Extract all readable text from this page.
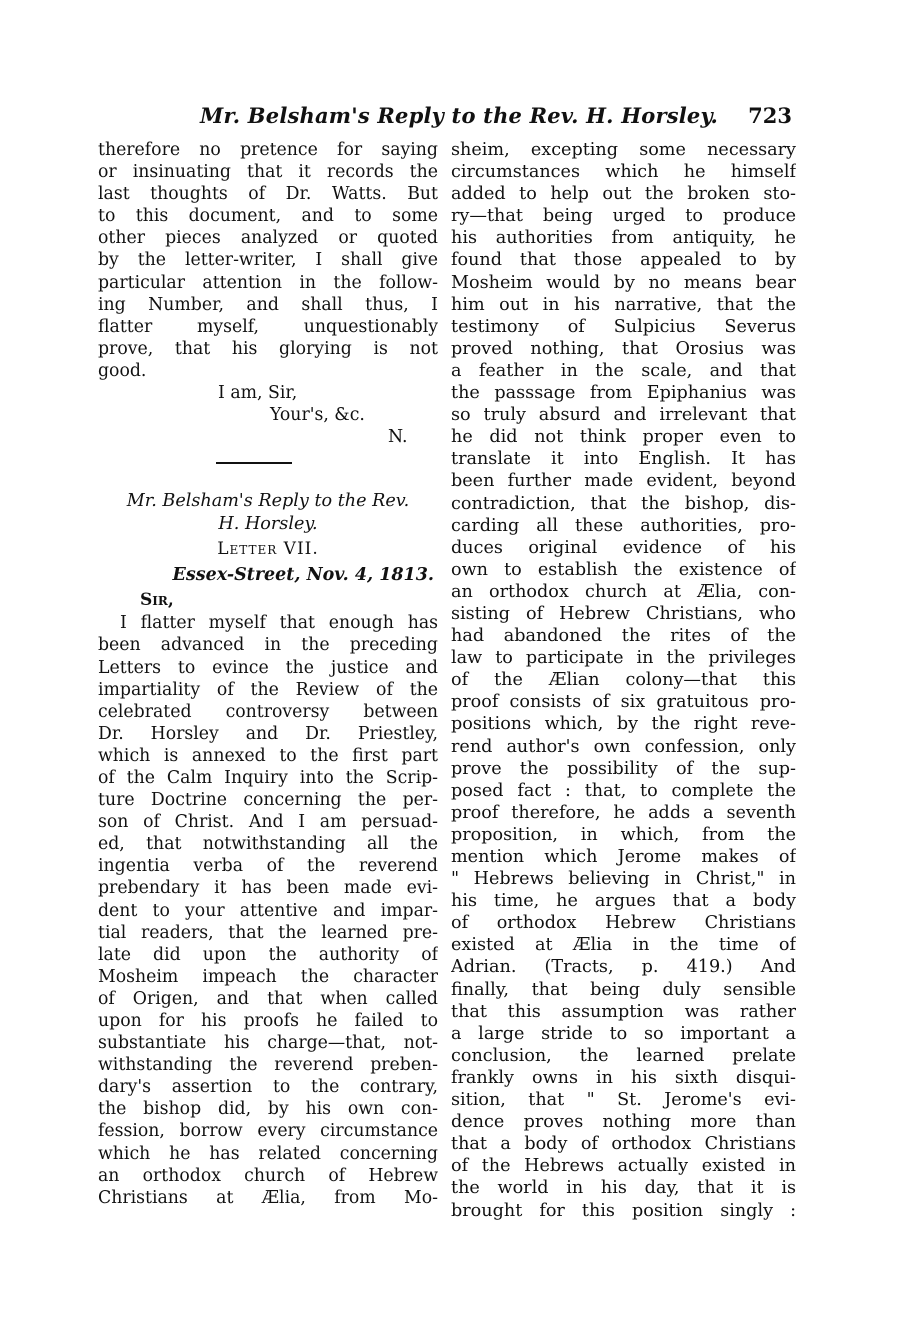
Mr. Belsham's Reply to the Rev. H. Horsley. 723
therefore no pretence for saying
or insinuating that it records the
last thoughts of Dr. Watts. But
to this document, and to some
other pieces analyzed or quoted
by the letter-writer, I shall give
particular attention in the follow-
ing Number, and shall thus, I
flatter myself, unquestionably
prove, that his glorying is not
good.
I am, Sir,
Your's, &c.
N.
Mr. Belsham's Reply to the Rev.
H. Horsley.
Letter VII.
Essex-Street, Nov. 4, 1813.
Sir,
I flatter myself that enough has
been advanced in the preceding
Letters to evince the justice and
impartiality of the Review of the
celebrated controversy between
Dr. Horsley and Dr. Priestley,
which is annexed to the first part
of the Calm Inquiry into the Scrip-
ture Doctrine concerning the per-
son of Christ. And I am persuad-
ed, that notwithstanding all the
ingentia verba of the reverend
prebendary it has been made evi-
dent to your attentive and impar-
tial readers, that the learned pre-
late did upon the authority of
Mosheim impeach the character
of Origen, and that when called
upon for his proofs he failed to
substantiate his charge—that, not-
withstanding the reverend preben-
dary's assertion to the contrary,
the bishop did, by his own con-
fession, borrow every circumstance
which he has related concerning
an orthodox church of Hebrew
Christians at Ælia, from Mo-
sheim, excepting some necessary
circumstances which he himself
added to help out the broken sto-
ry—that being urged to produce
his authorities from antiquity, he
found that those appealed to by
Mosheim would by no means bear
him out in his narrative, that the
testimony of Sulpicius Severus
proved nothing, that Orosius was
a feather in the scale, and that
the passsage from Epiphanius was
so truly absurd and irrelevant that
he did not think proper even to
translate it into English. It has
been further made evident, beyond
contradiction, that the bishop, dis-
carding all these authorities, pro-
duces original evidence of his
own to establish the existence of
an orthodox church at Ælia, con-
sisting of Hebrew Christians, who
had abandoned the rites of the
law to participate in the privileges
of the Ælian colony—that this
proof consists of six gratuitous pro-
positions which, by the right reve-
rend author's own confession, only
prove the possibility of the sup-
posed fact : that, to complete the
proof therefore, he adds a seventh
proposition, in which, from the
mention which Jerome makes of
" Hebrews believing in Christ," in
his time, he argues that a body
of orthodox Hebrew Christians
existed at Ælia in the time of
Adrian. (Tracts, p. 419.) And
finally, that being duly sensible
that this assumption was rather
a large stride to so important a
conclusion, the learned prelate
frankly owns in his sixth disqui-
sition, that " St. Jerome's evi-
dence proves nothing more than
that a body of orthodox Christians
of the Hebrews actually existed in
the world in his day, that it is
brought for this position singly :
